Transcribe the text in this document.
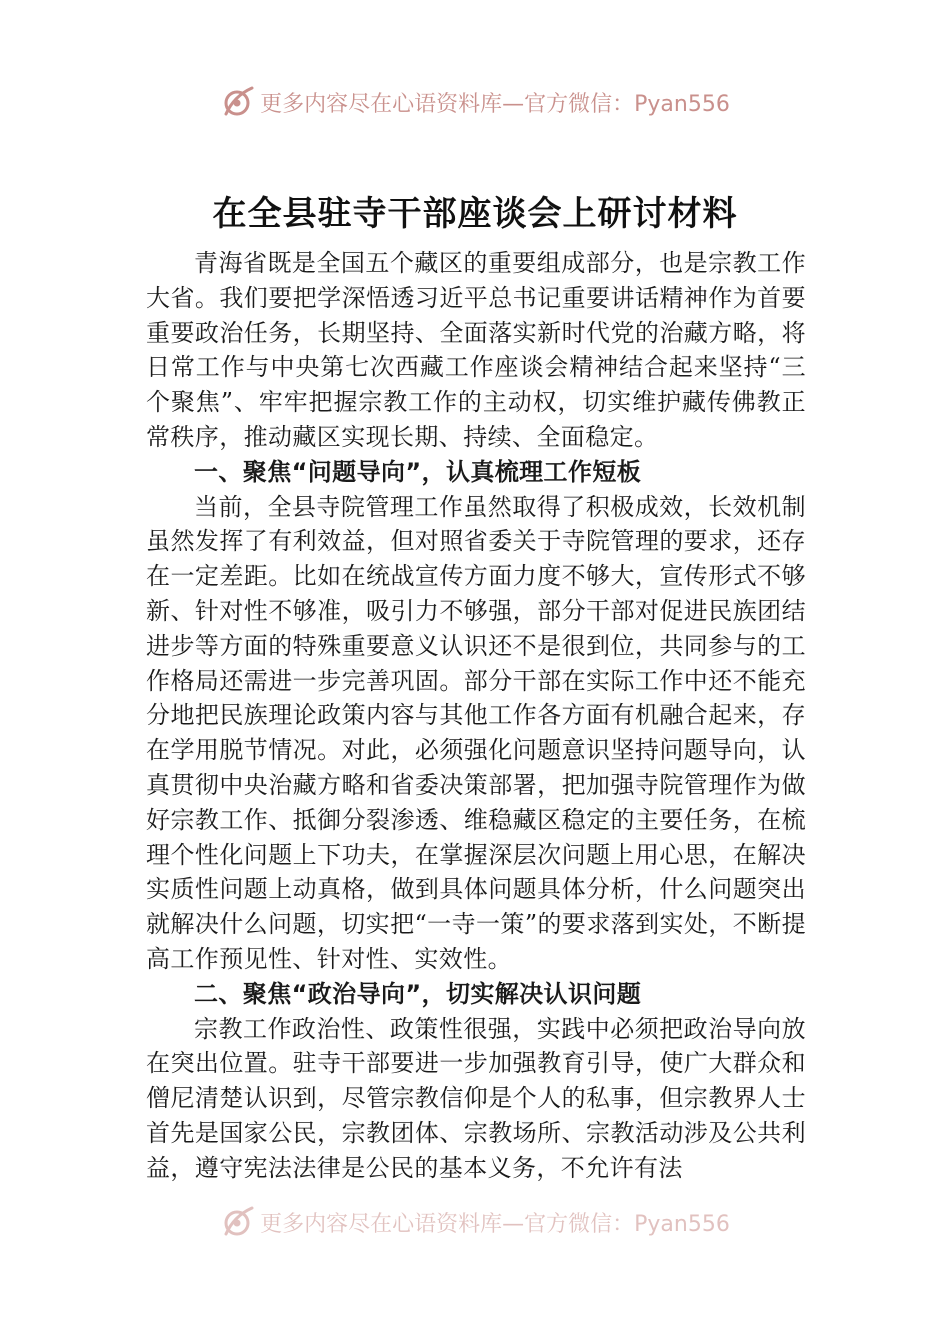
更多内容尽在心语资料库—官方微信：Pyan556
在全县驻寺干部座谈会上研讨材料

青海省既是全国五个藏区的重要组成部分，也是宗教工作大省。我们要把学深悟透习近平总书记重要讲话精神作为首要重要政治任务，长期坚持、全面落实新时代党的治藏方略，将日常工作与中央第七次西藏工作座谈会精神结合起来坚持“三个聚焦”、牢牢把握宗教工作的主动权，切实维护藏传佛教正常秩序，推动藏区实现长期、持续、全面稳定。

一、聚焦“问题导向”，认真梳理工作短板

当前，全县寺院管理工作虽然取得了积极成效，长效机制虽然发挥了有利效益，但对照省委关于寺院管理的要求，还存在一定差距。比如在统战宣传方面力度不够大，宣传形式不够新、针对性不够准，吸引力不够强，部分干部对促进民族团结进步等方面的特殊重要意义认识还不是很到位，共同参与的工作格局还需进一步完善巩固。部分干部在实际工作中还不能充分地把民族理论政策内容与其他工作各方面有机融合起来，存在学用脱节情况。对此，必须强化问题意识坚持问题导向，认真贯彻中央治藏方略和省委决策部署，把加强寺院管理作为做好宗教工作、抵御分裂渗透、维稳藏区稳定的主要任务，在梳理个性化问题上下功夫，在掌握深层次问题上用心思，在解决实质性问题上动真格，做到具体问题具体分析，什么问题突出就解决什么问题，切实把“一寺一策”的要求落到实处，不断提高工作预见性、针对性、实效性。

二、聚焦“政治导向”，切实解决认识问题

宗教工作政治性、政策性很强，实践中必须把政治导向放在突出位置。驻寺干部要进一步加强教育引导，使广大群众和僧尼清楚认识到，尽管宗教信仰是个人的私事，但宗教界人士首先是国家公民，宗教团体、宗教场所、宗教活动涉及公共利益，遵守宪法法律是公民的基本义务，不允许有法

更多内容尽在心语资料库—官方微信：Pyan556
